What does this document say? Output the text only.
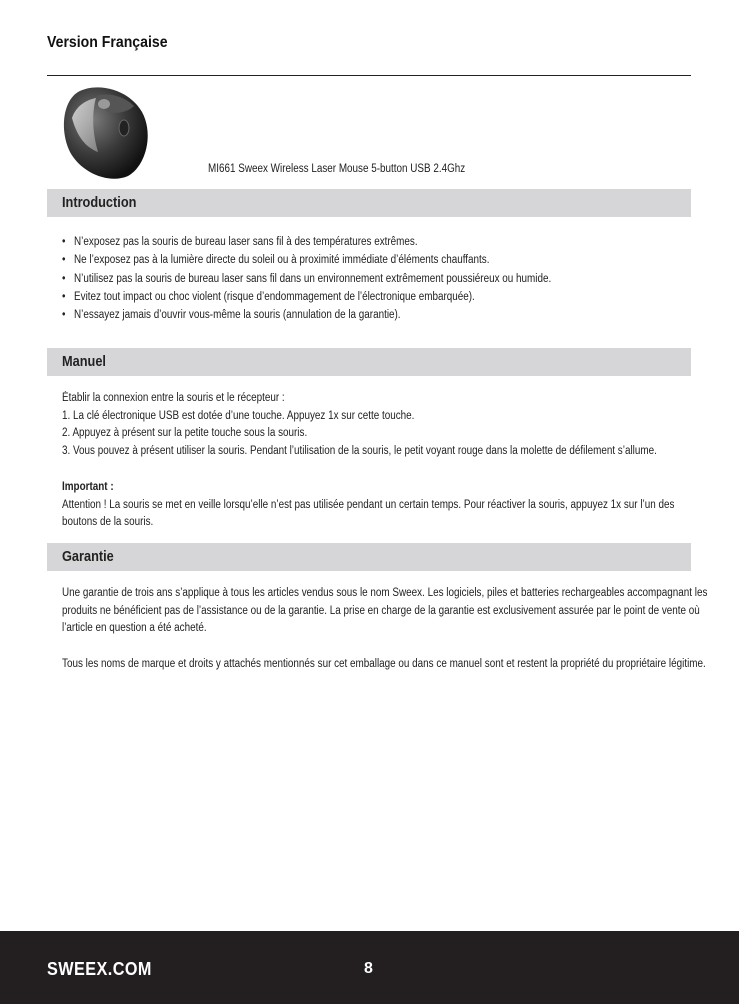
Version Française
MI661 Sweex Wireless Laser Mouse 5-button USB 2.4Ghz
Introduction
• N’exposez pas la souris de bureau laser sans fil à des températures extrêmes.
• Ne l’exposez pas à la lumière directe du soleil ou à proximité immédiate d’éléments chauffants.
• N’utilisez pas la souris de bureau laser sans fil dans un environnement extrêmement poussiéreux ou humide.
• Evitez tout impact ou choc violent (risque d’endommagement de l’électronique embarquée).
• N’essayez jamais d’ouvrir vous-même la souris (annulation de la garantie).
Manuel
Établir la connexion entre la souris et le récepteur :
1. La clé électronique USB est dotée d’une touche. Appuyez 1x sur cette touche.
2. Appuyez à présent sur la petite touche sous la souris.
3. Vous pouvez à présent utiliser la souris. Pendant l’utilisation de la souris, le petit voyant rouge dans la molette de défilement s’allume.
Important :
Attention ! La souris se met en veille lorsqu’elle n’est pas utilisée pendant un certain temps. Pour réactiver la souris, appuyez 1x sur l’un des
boutons de la souris.
Garantie
Une garantie de trois ans s’applique à tous les articles vendus sous le nom Sweex. Les logiciels, piles et batteries rechargeables accompagnant les
produits ne bénéficient pas de l’assistance ou de la garantie. La prise en charge de la garantie est exclusivement assurée par le point de vente où
l’article en question a été acheté.
Tous les noms de marque et droits y attachés mentionnés sur cet emballage ou dans ce manuel sont et restent la propriété du propriétaire légitime.
SWEEX.COM	8
